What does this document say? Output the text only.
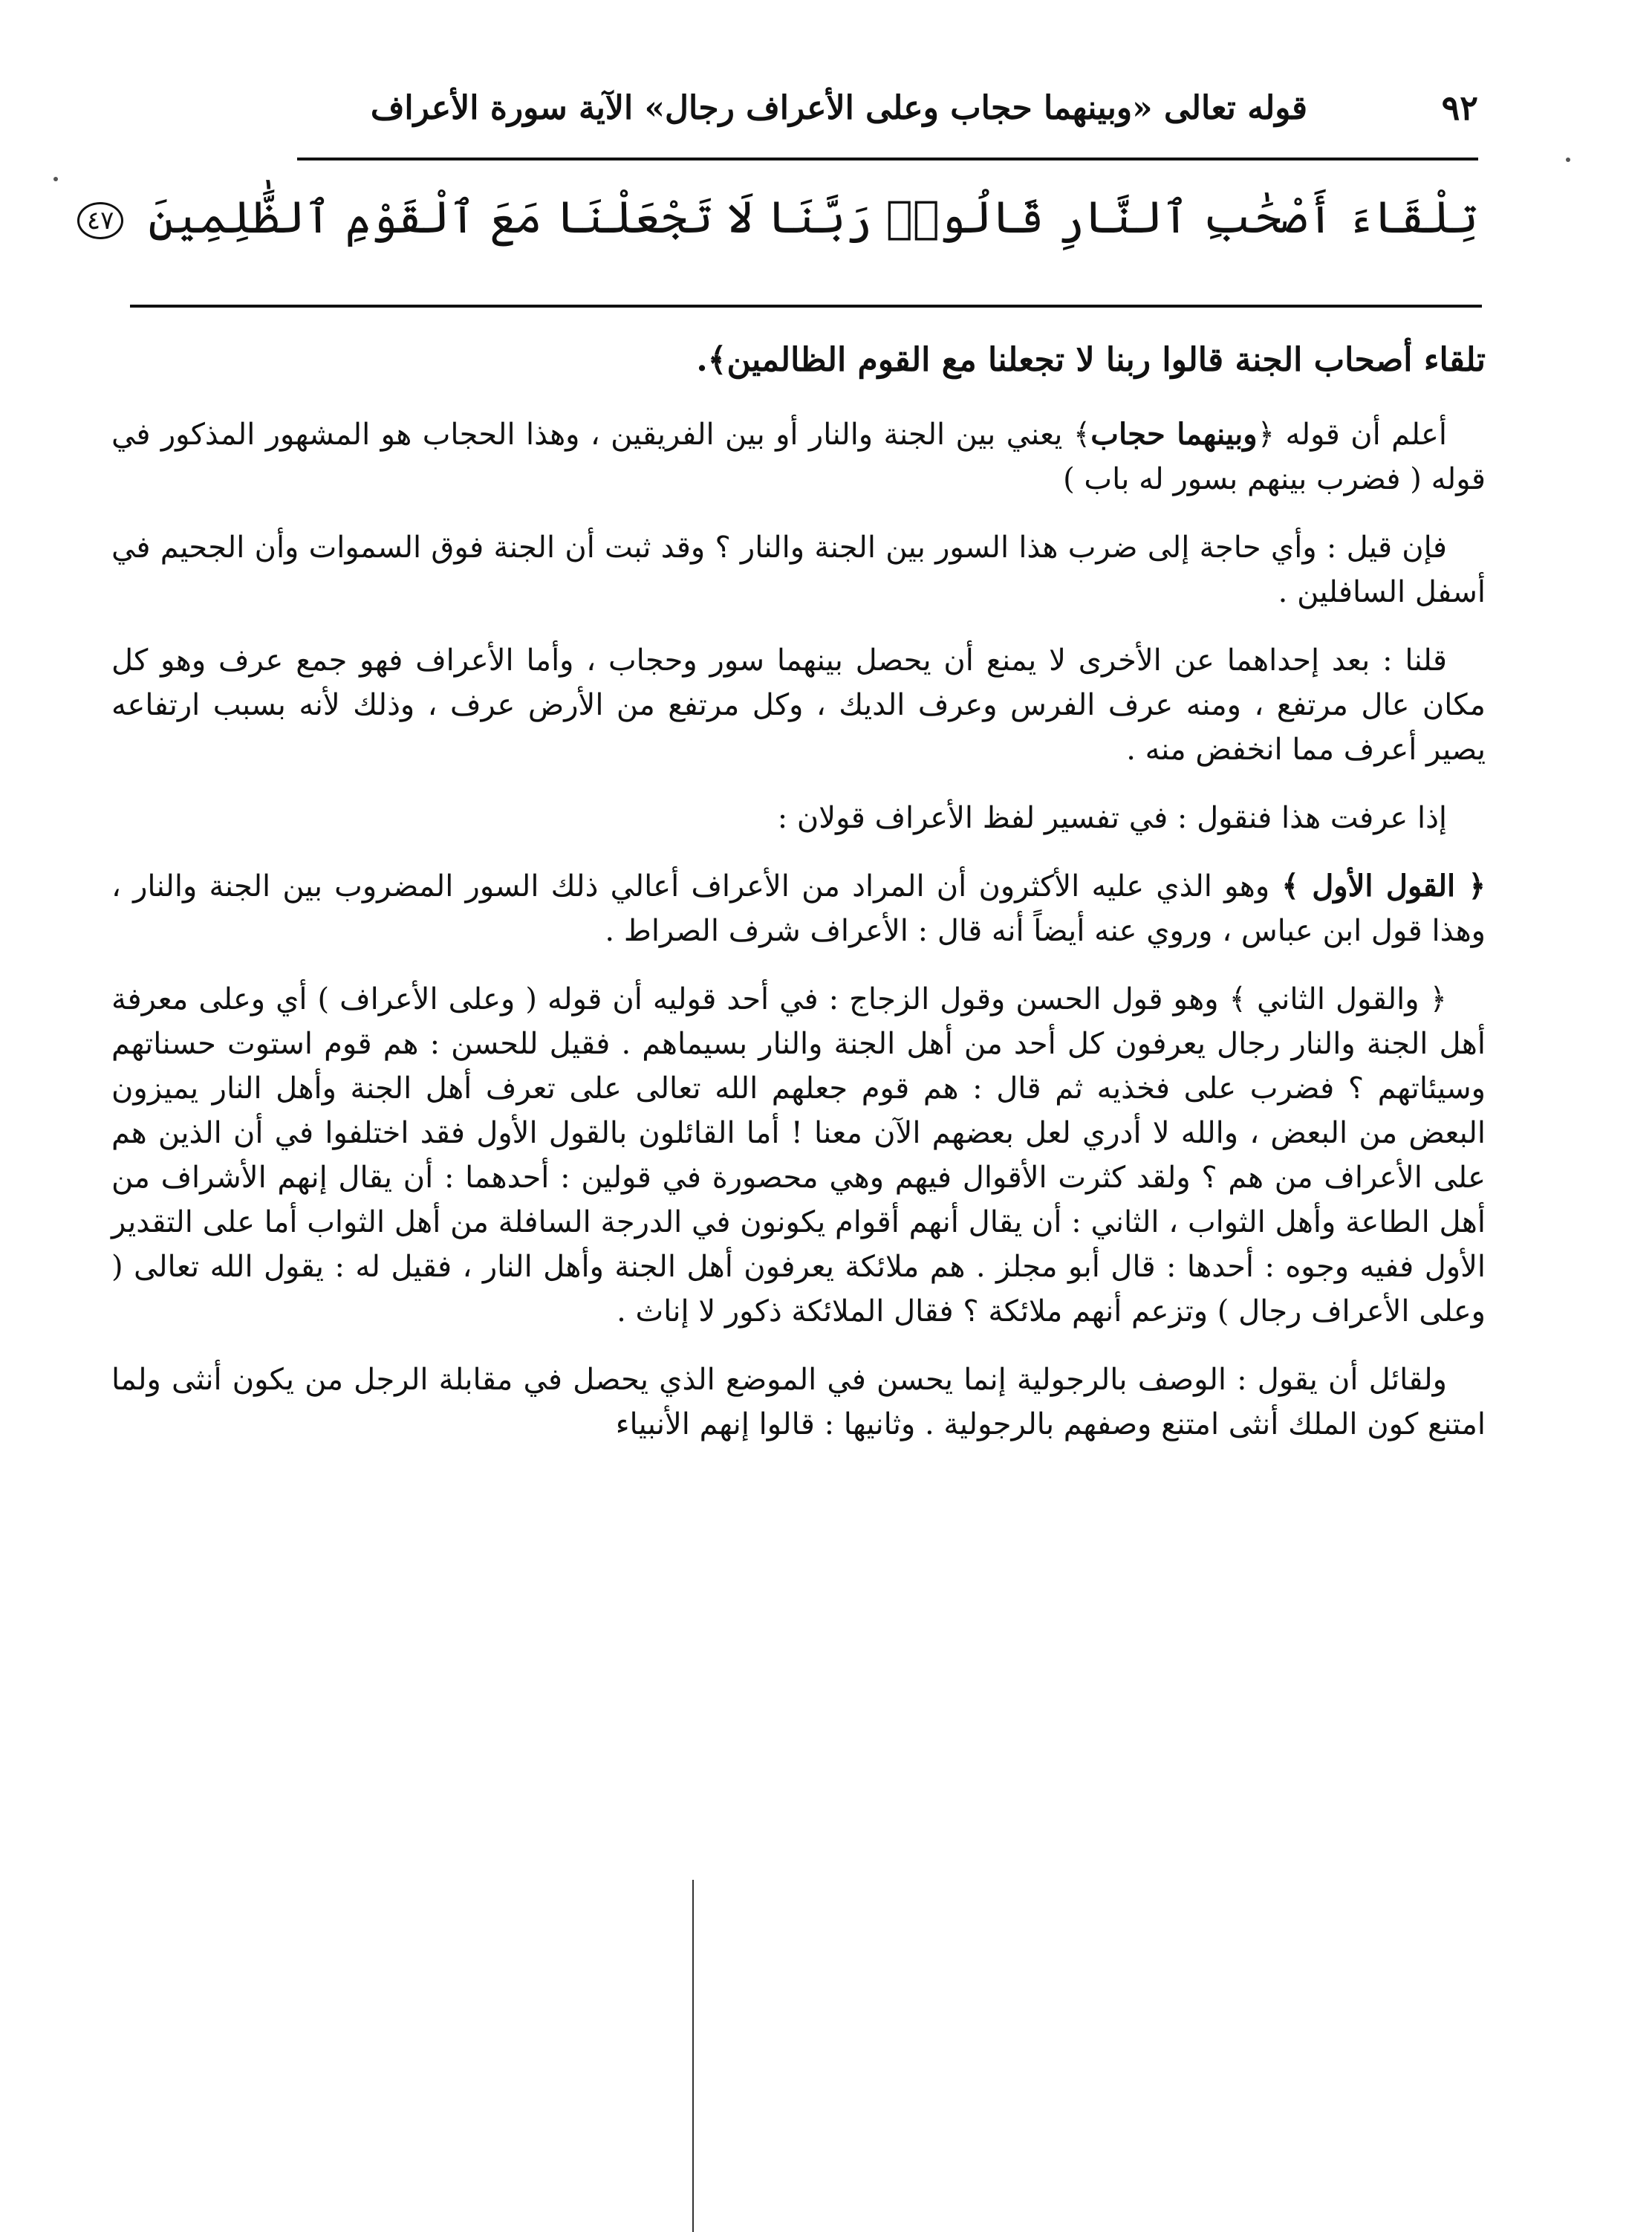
٩٢
قوله تعالى «وبينهما حجاب وعلى الأعراف رجال» الآية سورة الأعراف
تِلْقَاءَ أَصْحَٰبِ ٱلنَّارِ قَالُوا۟ رَبَّنَا لَا تَجْعَلْنَا مَعَ ٱلْقَوْمِ ٱلظَّٰلِمِينَ ٤٧

تلقاء أصحاب الجنة قالوا ربنا لا تجعلنا مع القوم الظالمين﴾.

أعلم أن قوله ﴿وبينهما حجاب﴾ يعني بين الجنة والنار أو بين الفريقين ، وهذا الحجاب هو المشهور المذكور في قوله ( فضرب بينهم بسور له باب )

فإن قيل : وأي حاجة إلى ضرب هذا السور بين الجنة والنار ؟ وقد ثبت أن الجنة فوق السموات وأن الجحيم في أسفل السافلين .

قلنا : بعد إحداهما عن الأخرى لا يمنع أن يحصل بينهما سور وحجاب ، وأما الأعراف فهو جمع عرف وهو كل مكان عال مرتفع ، ومنه عرف الفرس وعرف الديك ، وكل مرتفع من الأرض عرف ، وذلك لأنه بسبب ارتفاعه يصير أعرف مما انخفض منه .

إذا عرفت هذا فنقول : في تفسير لفظ الأعراف قولان :

﴿ القول الأول ﴾ وهو الذي عليه الأكثرون أن المراد من الأعراف أعالي ذلك السور المضروب بين الجنة والنار ، وهذا قول ابن عباس ، وروي عنه أيضاً أنه قال : الأعراف شرف الصراط .

﴿ والقول الثاني ﴾ وهو قول الحسن وقول الزجاج : في أحد قوليه أن قوله ( وعلى الأعراف ) أي وعلى معرفة أهل الجنة والنار رجال يعرفون كل أحد من أهل الجنة والنار بسيماهم . فقيل للحسن : هم قوم استوت حسناتهم وسيئاتهم ؟ فضرب على فخذيه ثم قال : هم قوم جعلهم الله تعالى على تعرف أهل الجنة وأهل النار يميزون البعض من البعض ، والله لا أدري لعل بعضهم الآن معنا ! أما القائلون بالقول الأول فقد اختلفوا في أن الذين هم على الأعراف من هم ؟ ولقد كثرت الأقوال فيهم وهي محصورة في قولين : أحدهما : أن يقال إنهم الأشراف من أهل الطاعة وأهل الثواب ، الثاني : أن يقال أنهم أقوام يكونون في الدرجة السافلة من أهل الثواب أما على التقدير الأول ففيه وجوه : أحدها : قال أبو مجلز . هم ملائكة يعرفون أهل الجنة وأهل النار ، فقيل له : يقول الله تعالى ( وعلى الأعراف رجال ) وتزعم أنهم ملائكة ؟ فقال الملائكة ذكور لا إناث .

ولقائل أن يقول : الوصف بالرجولية إنما يحسن في الموضع الذي يحصل في مقابلة الرجل من يكون أنثى ولما امتنع كون الملك أنثى امتنع وصفهم بالرجولية . وثانيها : قالوا إنهم الأنبياء
